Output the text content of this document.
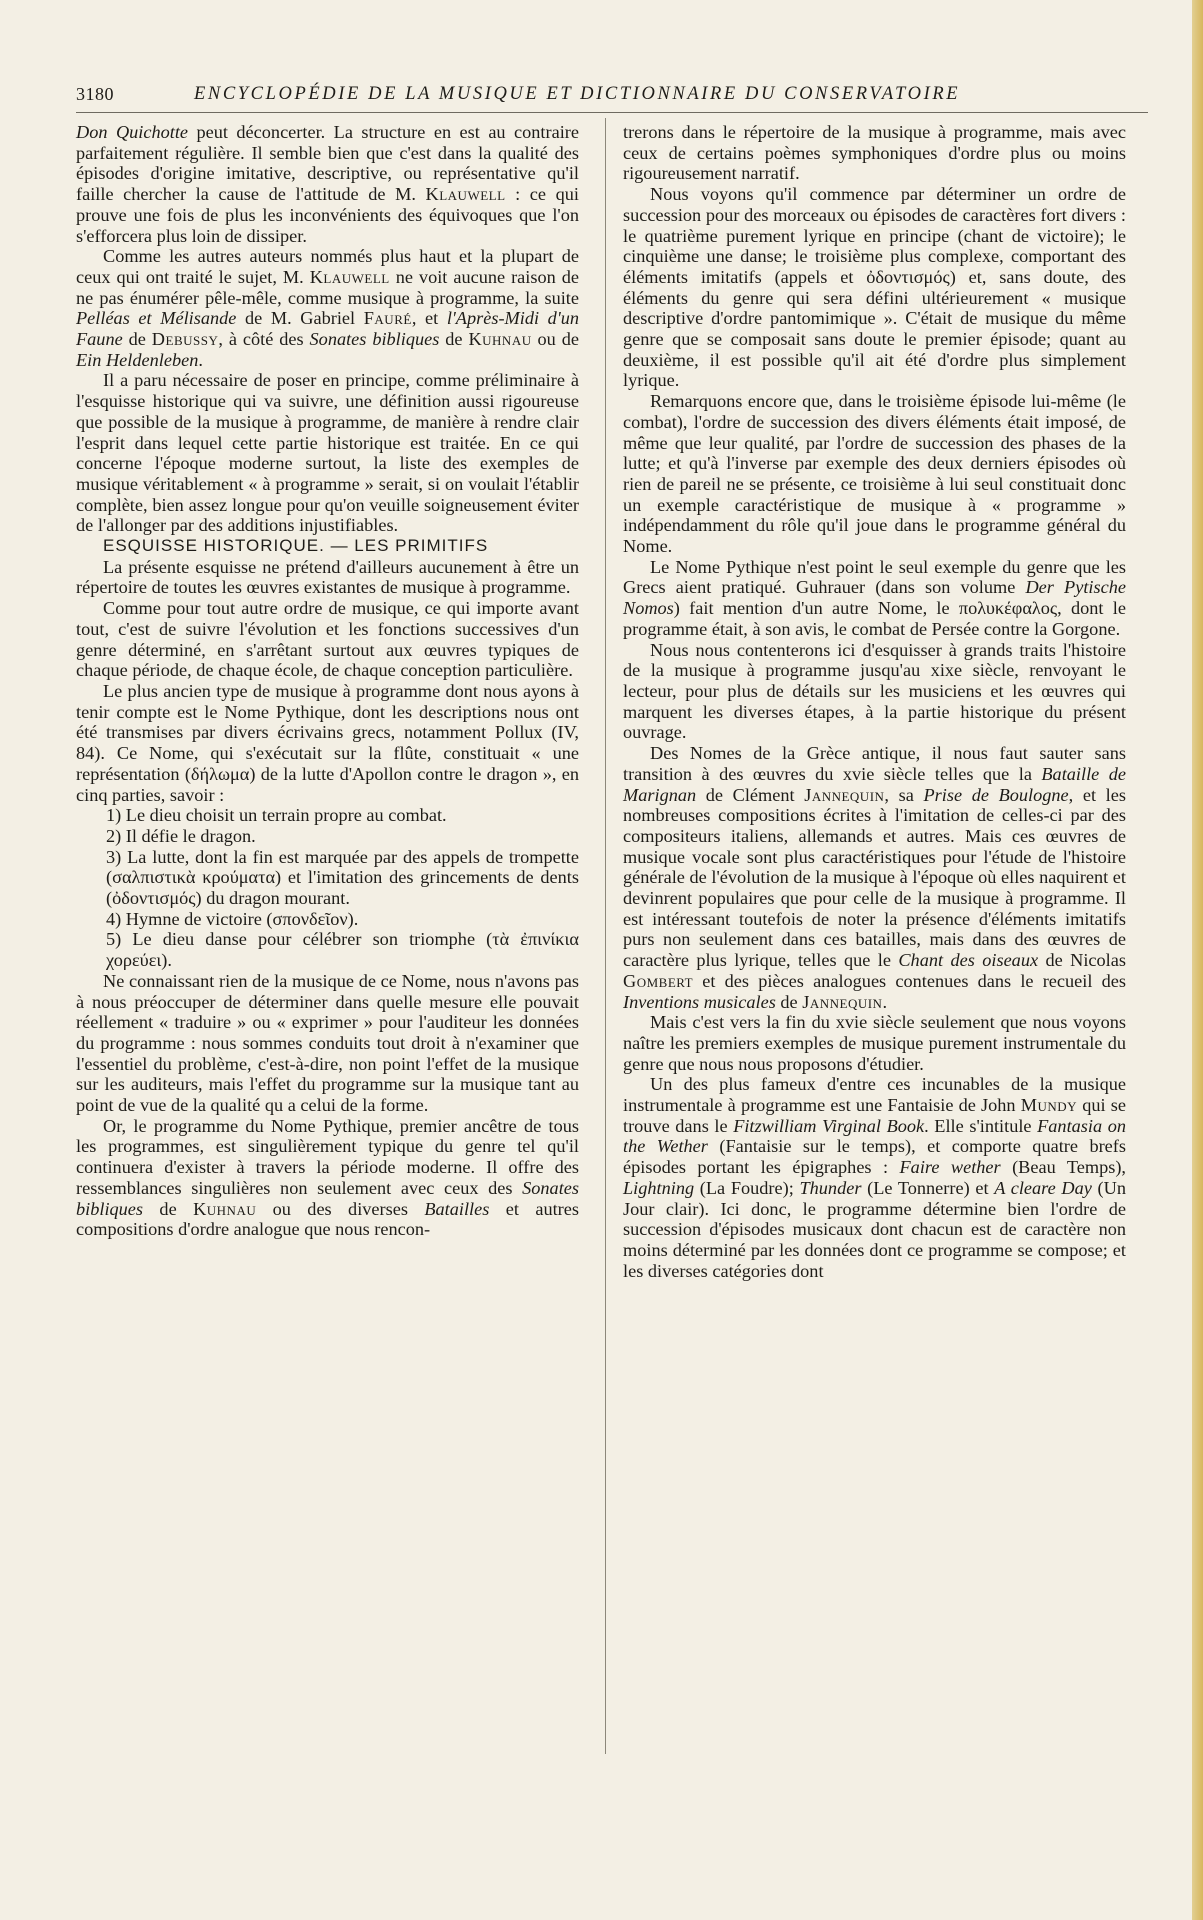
3180	ENCYCLOPÉDIE DE LA MUSIQUE ET DICTIONNAIRE DU CONSERVATOIRE

Don Quichotte peut déconcerter. La structure en est au contraire parfaitement régulière. Il semble bien que c'est dans la qualité des épisodes d'origine imitative, descriptive, ou représentative qu'il faille chercher la cause de l'attitude de M. Klauwell : ce qui prouve une fois de plus les inconvénients des équivoques que l'on s'efforcera plus loin de dissiper.

Comme les autres auteurs nommés plus haut et la plupart de ceux qui ont traité le sujet, M. Klauwell ne voit aucune raison de ne pas énumérer pêle-mêle, comme musique à programme, la suite Pelléas et Mélisande de M. Gabriel Fauré, et l'Après-Midi d'un Faune de Debussy, à côté des Sonates bibliques de Kuhnau ou de Ein Heldenleben.

Il a paru nécessaire de poser en principe, comme préliminaire à l'esquisse historique qui va suivre, une définition aussi rigoureuse que possible de la musique à programme, de manière à rendre clair l'esprit dans lequel cette partie historique est traitée. En ce qui concerne l'époque moderne surtout, la liste des exemples de musique véritablement « à programme » serait, si on voulait l'établir complète, bien assez longue pour qu'on veuille soigneusement éviter de l'allonger par des additions injustifiables.

ESQUISSE HISTORIQUE. — LES PRIMITIFS

La présente esquisse ne prétend d'ailleurs aucunement à être un répertoire de toutes les œuvres existantes de musique à programme.

Comme pour tout autre ordre de musique, ce qui importe avant tout, c'est de suivre l'évolution et les fonctions successives d'un genre déterminé, en s'arrêtant surtout aux œuvres typiques de chaque période, de chaque école, de chaque conception particulière.

Le plus ancien type de musique à programme dont nous ayons à tenir compte est le Nome Pythique, dont les descriptions nous ont été transmises par divers écrivains grecs, notamment Pollux (IV, 84). Ce Nome, qui s'exécutait sur la flûte, constituait « une représentation (δήλωμα) de la lutte d'Apollon contre le dragon », en cinq parties, savoir :

1) Le dieu choisit un terrain propre au combat.

2) Il défie le dragon.

3) La lutte, dont la fin est marquée par des appels de trompette (σαλπιστικὰ κρούματα) et l'imitation des grincements de dents (ὀδοντισμός) du dragon mourant.

4) Hymne de victoire (σπονδεῖον).

5) Le dieu danse pour célébrer son triomphe (τὰ ἐπινίκια χορεύει).

Ne connaissant rien de la musique de ce Nome, nous n'avons pas à nous préoccuper de déterminer dans quelle mesure elle pouvait réellement « traduire » ou « exprimer » pour l'auditeur les données du programme : nous sommes conduits tout droit à n'examiner que l'essentiel du problème, c'est-à-dire, non point l'effet de la musique sur les auditeurs, mais l'effet du programme sur la musique tant au point de vue de la qualité qu a celui de la forme.

Or, le programme du Nome Pythique, premier ancêtre de tous les programmes, est singulièrement typique du genre tel qu'il continuera d'exister à travers la période moderne. Il offre des ressemblances singulières non seulement avec ceux des Sonates bibliques de Kuhnau ou des diverses Batailles et autres compositions d'ordre analogue que nous rencon-

trerons dans le répertoire de la musique à programme, mais avec ceux de certains poèmes symphoniques d'ordre plus ou moins rigoureusement narratif.

Nous voyons qu'il commence par déterminer un ordre de succession pour des morceaux ou épisodes de caractères fort divers : le quatrième purement lyrique en principe (chant de victoire); le cinquième une danse; le troisième plus complexe, comportant des éléments imitatifs (appels et ὀδοντισμός) et, sans doute, des éléments du genre qui sera défini ultérieurement « musique descriptive d'ordre pantomimique ». C'était de musique du même genre que se composait sans doute le premier épisode; quant au deuxième, il est possible qu'il ait été d'ordre plus simplement lyrique.

Remarquons encore que, dans le troisième épisode lui-même (le combat), l'ordre de succession des divers éléments était imposé, de même que leur qualité, par l'ordre de succession des phases de la lutte; et qu'à l'inverse par exemple des deux derniers épisodes où rien de pareil ne se présente, ce troisième à lui seul constituait donc un exemple caractéristique de musique à « programme » indépendamment du rôle qu'il joue dans le programme général du Nome.

Le Nome Pythique n'est point le seul exemple du genre que les Grecs aient pratiqué. Guhrauer (dans son volume Der Pytische Nomos) fait mention d'un autre Nome, le πολυκέφαλος, dont le programme était, à son avis, le combat de Persée contre la Gorgone.

Nous nous contenterons ici d'esquisser à grands traits l'histoire de la musique à programme jusqu'au xixe siècle, renvoyant le lecteur, pour plus de détails sur les musiciens et les œuvres qui marquent les diverses étapes, à la partie historique du présent ouvrage.

Des Nomes de la Grèce antique, il nous faut sauter sans transition à des œuvres du xvie siècle telles que la Bataille de Marignan de Clément Jannequin, sa Prise de Boulogne, et les nombreuses compositions écrites à l'imitation de celles-ci par des compositeurs italiens, allemands et autres. Mais ces œuvres de musique vocale sont plus caractéristiques pour l'étude de l'histoire générale de l'évolution de la musique à l'époque où elles naquirent et devinrent populaires que pour celle de la musique à programme. Il est intéressant toutefois de noter la présence d'éléments imitatifs purs non seulement dans ces batailles, mais dans des œuvres de caractère plus lyrique, telles que le Chant des oiseaux de Nicolas Gombert et des pièces analogues contenues dans le recueil des Inventions musicales de Jannequin.

Mais c'est vers la fin du xvie siècle seulement que nous voyons naître les premiers exemples de musique purement instrumentale du genre que nous nous proposons d'étudier.

Un des plus fameux d'entre ces incunables de la musique instrumentale à programme est une Fantaisie de John Mundy qui se trouve dans le Fitzwilliam Virginal Book. Elle s'intitule Fantasia on the Wether (Fantaisie sur le temps), et comporte quatre brefs épisodes portant les épigraphes : Faire wether (Beau Temps), Lightning (La Foudre); Thunder (Le Tonnerre) et A cleare Day (Un Jour clair). Ici donc, le programme détermine bien l'ordre de succession d'épisodes musicaux dont chacun est de caractère non moins déterminé par les données dont ce programme se compose; et les diverses catégories dont
